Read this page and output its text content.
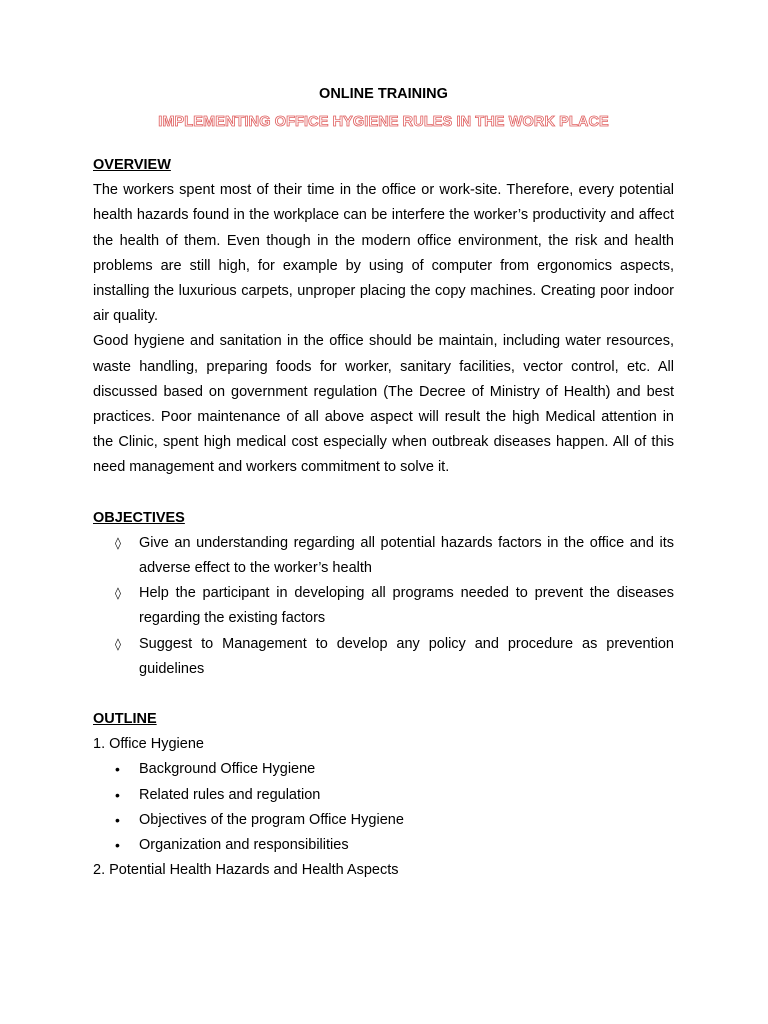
ONLINE TRAINING

IMPLEMENTING OFFICE HYGIENE RULES IN THE WORK PLACE

OVERVIEW

The workers spent most of their time in the office or work-site. Therefore, every potential health hazards found in the workplace can be interfere the worker’s productivity and affect the health of them. Even though in the modern office environment, the risk and health problems are still high, for example by using of computer from ergonomics aspects, installing the luxurious carpets, unproper placing the copy machines. Creating poor indoor air quality.

Good hygiene and sanitation in the office should be maintain, including water resources, waste handling, preparing foods for worker, sanitary facilities, vector control, etc. All discussed based on government regulation (The Decree of Ministry of Health) and best practices. Poor maintenance of all above aspect will result the high Medical attention in the Clinic, spent high medical cost especially when outbreak diseases happen. All of this need management and workers commitment to solve it.

OBJECTIVES

◊ Give an understanding regarding all potential hazards factors in the office and its adverse effect to the worker’s health
◊ Help the participant in developing all programs needed to prevent the diseases regarding the existing factors
◊ Suggest to Management to develop any policy and procedure as prevention guidelines

OUTLINE

1. Office Hygiene

• Background Office Hygiene
• Related rules and regulation
• Objectives of the program Office Hygiene
• Organization and responsibilities

2. Potential Health Hazards and Health Aspects
